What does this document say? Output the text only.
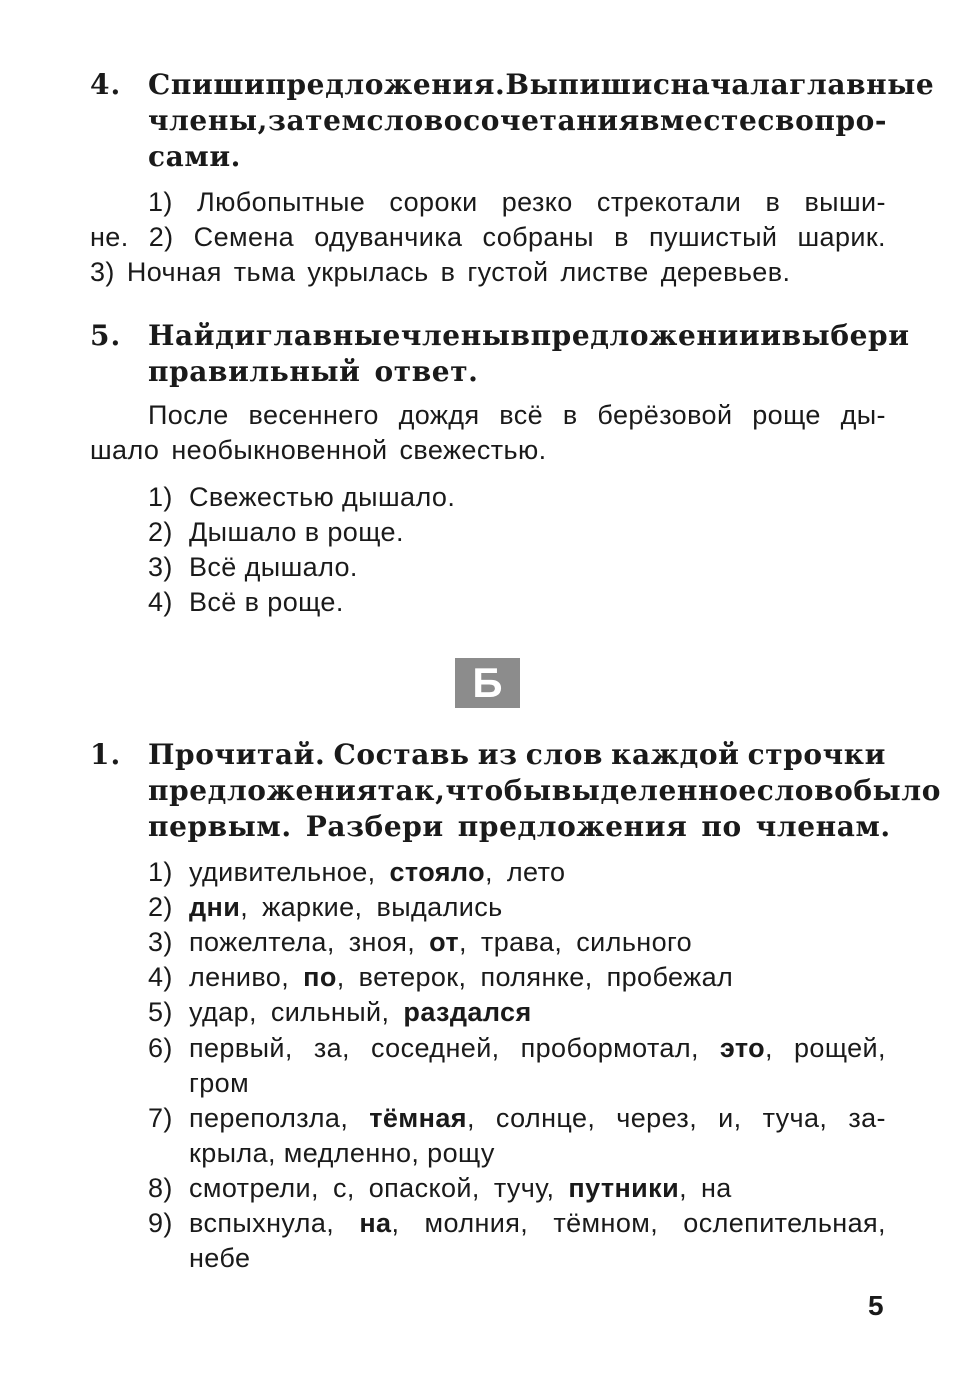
4. Спиши предложения. Выпиши сначала главные
члены, затем словосочетания вместе с вопро-
сами.
1) Любопытные сороки резко стрекотали в выши-
не. 2) Семена одуванчика собраны в пушистый шарик.
3) Ночная тьма укрылась в густой листве деревьев.
5. Найди главные члены в предложении и выбери
правильный ответ.
После весеннего дождя всё в берёзовой роще ды-
шало необыкновенной свежестью.
1) Свежестью дышало.
2) Дышало в роще.
3) Всё дышало.
4) Всё в роще.
Б
1. Прочитай. Составь из слов каждой строчки
предложения так, чтобы выделенное слово было
первым. Разбери предложения по членам.
1) удивительное, стояло, лето
2) дни, жаркие, выдались
3) пожелтела, зноя, от, трава, сильного
4) лениво, по, ветерок, полянке, пробежал
5) удар, сильный, раздался
6) первый, за, соседней, пробормотал, это, рощей,
гром
7) переползла, тёмная, солнце, через, и, туча, за-
крыла, медленно, рощу
8) смотрели, с, опаской, тучу, путники, на
9) вспыхнула, на, молния, тёмном, ослепительная,
небе
5
